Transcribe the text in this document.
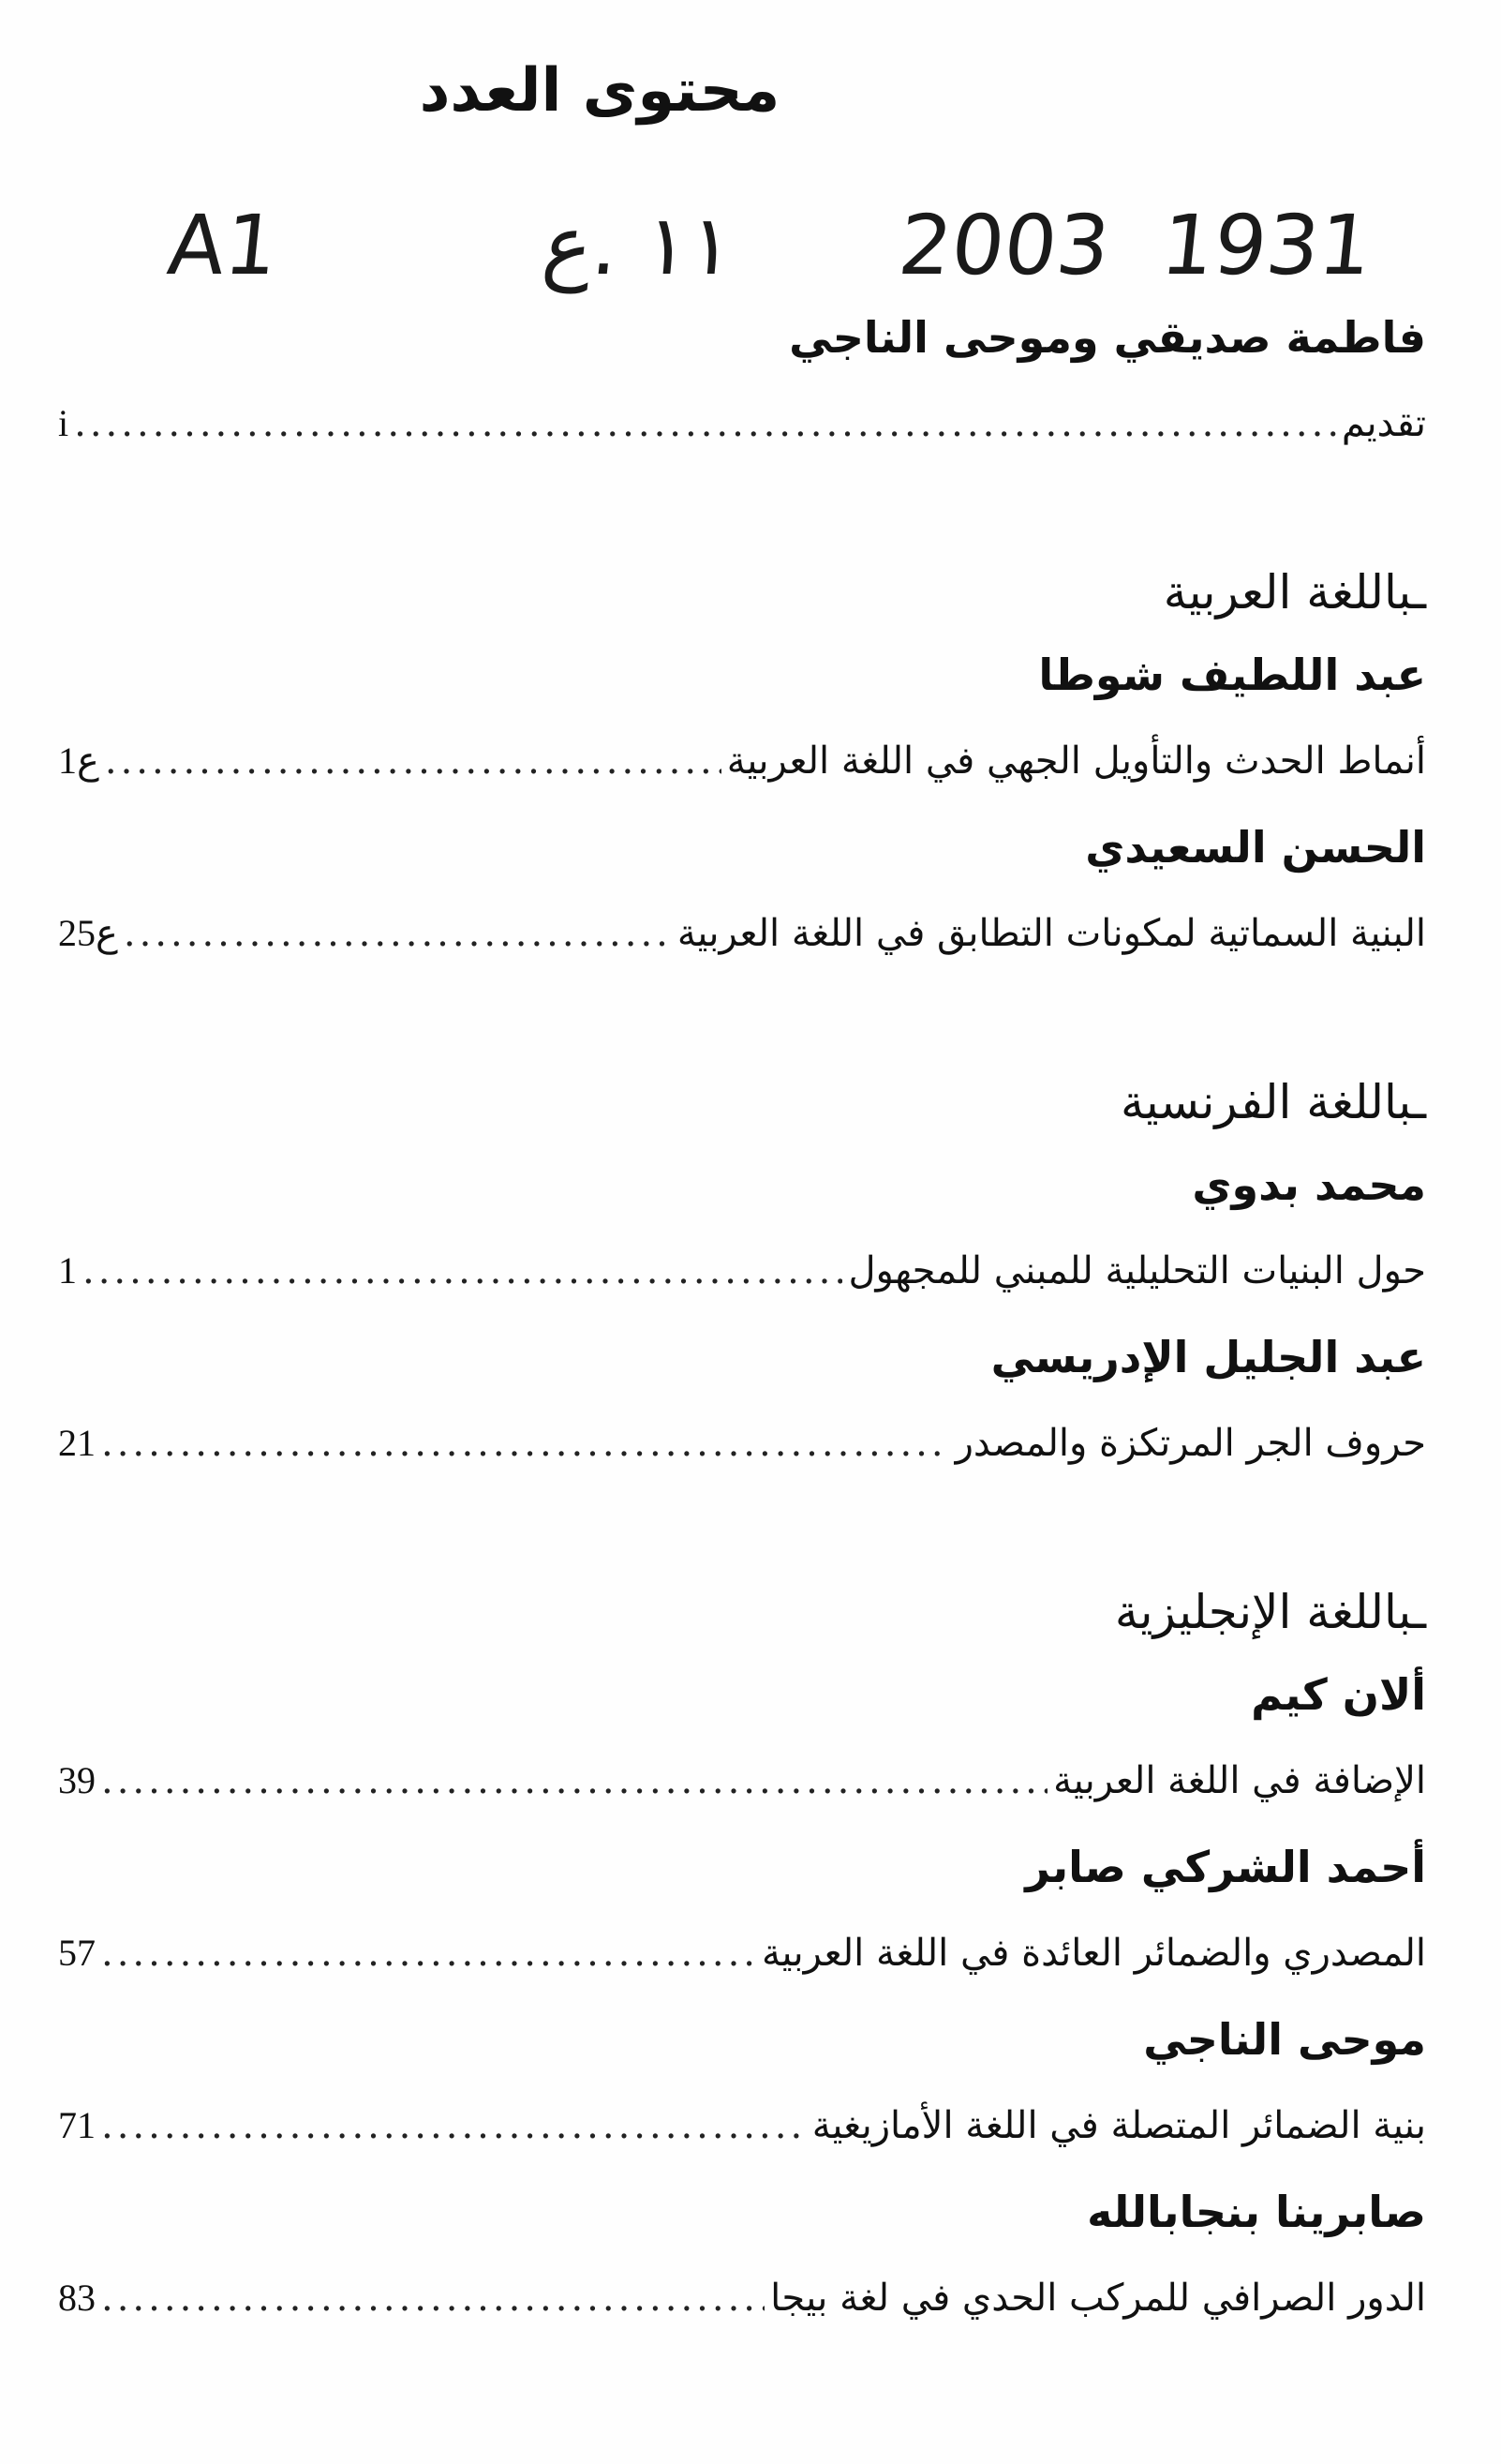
محتوى العدد
A1	١١ .ع 2003 1931
فاطمة صديقي وموحى الناجي
تقديم
.....
i
ـباللغة العربية
عبد اللطيف شوطا
أنماط الحدث والتأويل الجهي في اللغة العربية
.....
ع1
الحسن السعيدي
البنية السماتية لمكونات التطابق في اللغة العربية
.....
ع25
ـباللغة الفرنسية
محمد بدوي
حول البنيات التحليلية للمبني للمجهول
.....
1
عبد الجليل الإدريسي
حروف الجر المرتكزة والمصدر
.....
21
ـباللغة الإنجليزية
ألان كيم
الإضافة في اللغة العربية
.....
39
أحمد الشركي صابر
المصدري والضمائر العائدة في اللغة العربية
.....
57
موحى الناجي
بنية الضمائر المتصلة في اللغة الأمازيغية
.....
71
صابرينا بنجابالله
الدور الصرافي للمركب الحدي في لغة بيجا
.....
83
